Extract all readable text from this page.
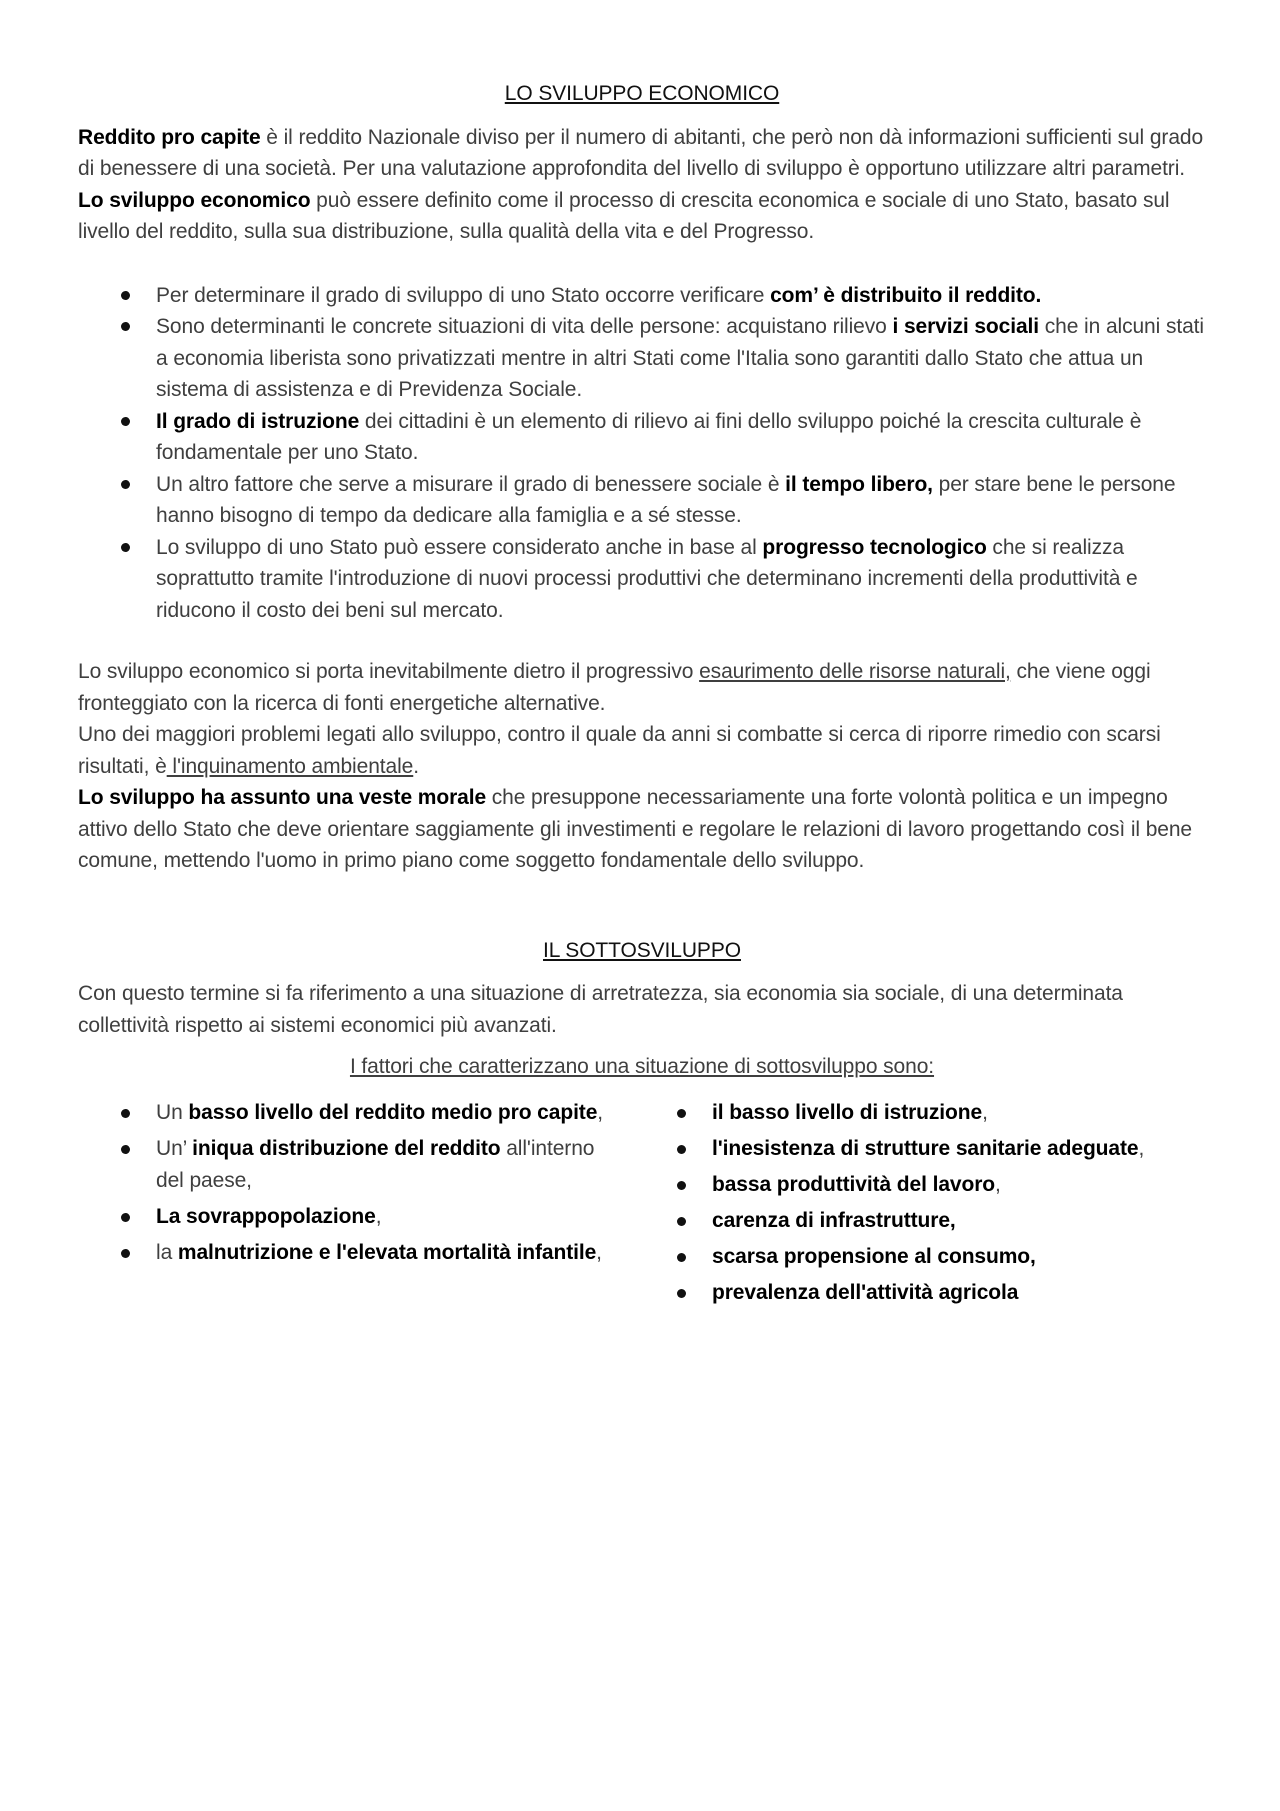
LO SVILUPPO ECONOMICO

Reddito pro capite è il reddito Nazionale diviso per il numero di abitanti, che però non dà informazioni sufficienti sul grado di benessere di una società. Per una valutazione approfondita del livello di sviluppo è opportuno utilizzare altri parametri.

Lo sviluppo economico può essere definito come il processo di crescita economica e sociale di uno Stato, basato sul livello del reddito, sulla sua distribuzione, sulla qualità della vita e del Progresso.

Per determinare il grado di sviluppo di uno Stato occorre verificare com’ è distribuito il reddito.
Sono determinanti le concrete situazioni di vita delle persone: acquistano rilievo i servizi sociali che in alcuni stati a economia liberista sono privatizzati mentre in altri Stati come l'Italia sono garantiti dallo Stato che attua un sistema di assistenza e di Previdenza Sociale.
Il grado di istruzione dei cittadini è un elemento di rilievo ai fini dello sviluppo poiché la crescita culturale è fondamentale per uno Stato.
Un altro fattore che serve a misurare il grado di benessere sociale è il tempo libero, per stare bene le persone hanno bisogno di tempo da dedicare alla famiglia e a sé stesse.
Lo sviluppo di uno Stato può essere considerato anche in base al progresso tecnologico che si realizza soprattutto tramite l'introduzione di nuovi processi produttivi che determinano incrementi della produttività e riducono il costo dei beni sul mercato.

Lo sviluppo economico si porta inevitabilmente dietro il progressivo esaurimento delle risorse naturali, che viene oggi fronteggiato con la ricerca di fonti energetiche alternative.

Uno dei maggiori problemi legati allo sviluppo, contro il quale da anni si combatte si cerca di riporre rimedio con scarsi risultati, è l'inquinamento ambientale.

Lo sviluppo ha assunto una veste morale che presuppone necessariamente una forte volontà politica e un impegno attivo dello Stato che deve orientare saggiamente gli investimenti e regolare le relazioni di lavoro progettando così il bene comune, mettendo l'uomo in primo piano come soggetto fondamentale dello sviluppo.

IL SOTTOSVILUPPO

Con questo termine si fa riferimento a una situazione di arretratezza, sia economia sia sociale, di una determinata collettività rispetto ai sistemi economici più avanzati.

I fattori che caratterizzano una situazione di sottosviluppo sono:

Un basso livello del reddito medio pro capite,
Un’ iniqua distribuzione del reddito all'interno del paese,
La sovrappopolazione,
la malnutrizione e l'elevata mortalità infantile,
il basso livello di istruzione,
l'inesistenza di strutture sanitarie adeguate,
bassa produttività del lavoro,
carenza di infrastrutture,
scarsa propensione al consumo,
prevalenza dell'attività agricola
